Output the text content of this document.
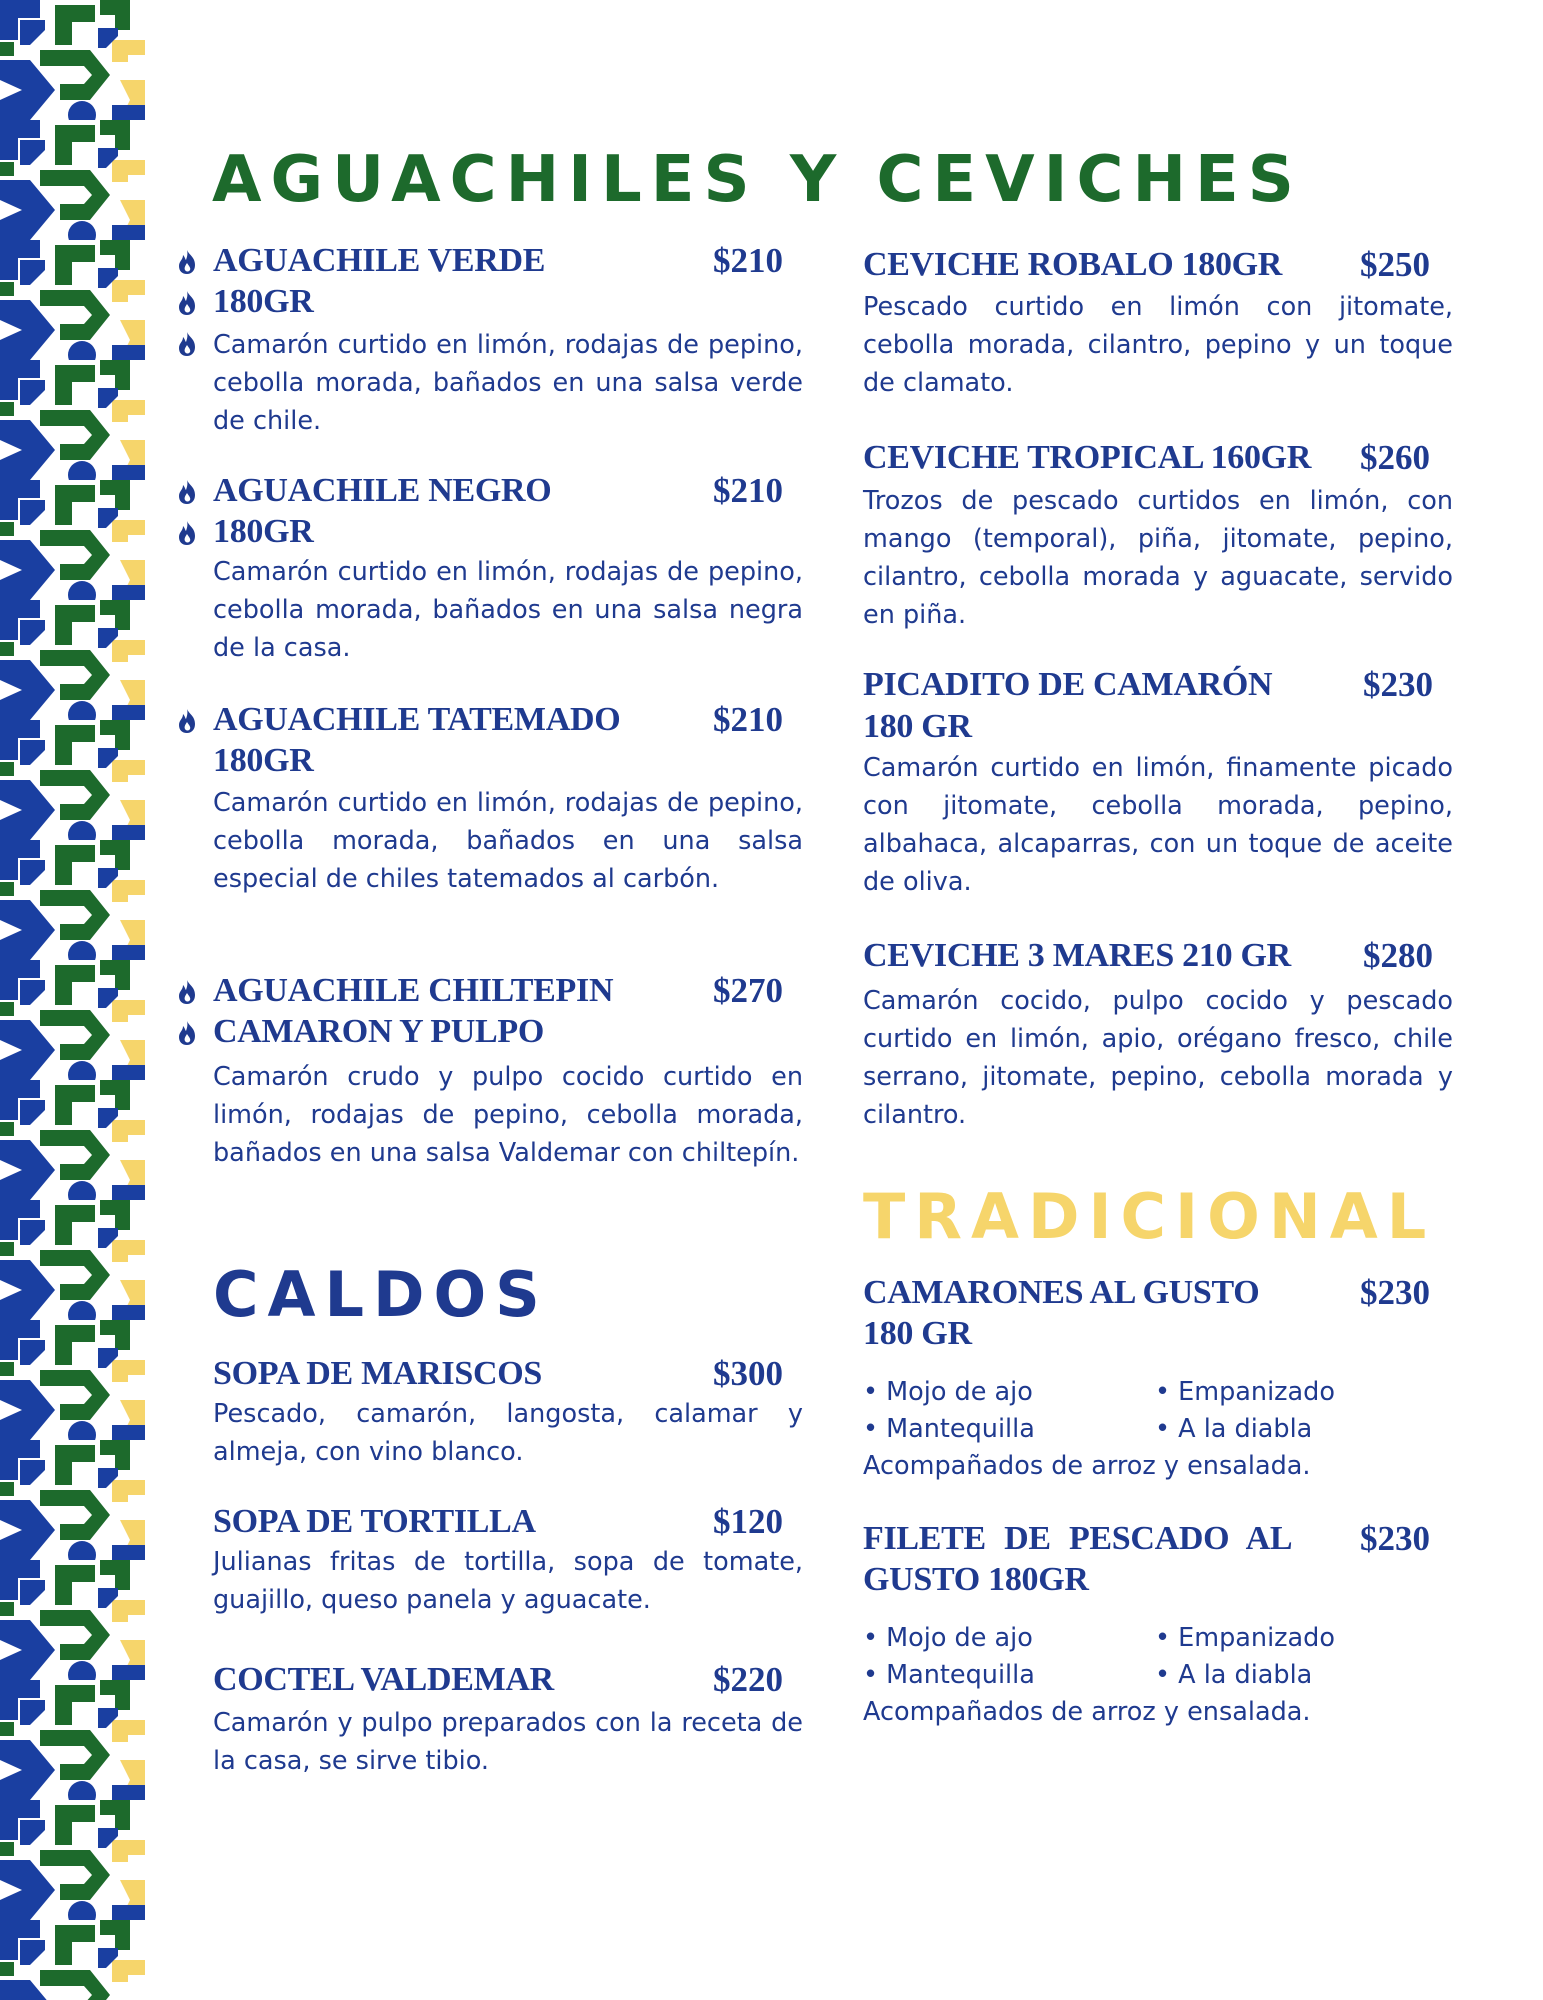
AGUACHILES Y CEVICHES
AGUACHILE VERDE
180GR
$210

Camarón curtido en limón, rodajas de pepino, cebolla morada, bañados en una salsa verde de chile.

AGUACHILE NEGRO
180GR
$210

Camarón curtido en limón, rodajas de pepino, cebolla morada, bañados en una salsa negra de la casa.

AGUACHILE TATEMADO
180GR
$210

Camarón curtido en limón, rodajas de pepino, cebolla morada, bañados en una salsa especial de chiles tatemados al carbón.

AGUACHILE CHILTEPIN
CAMARON Y PULPO
$270

Camarón crudo y pulpo cocido curtido en limón, rodajas de pepino, cebolla morada, bañados en una salsa Valdemar con chiltepín.

CEVICHE ROBALO 180GR $250

Pescado curtido en limón con jitomate, cebolla morada, cilantro, pepino y un toque de clamato.

CEVICHE TROPICAL 160GR $260

Trozos de pescado curtidos en limón, con mango (temporal), piña, jitomate, pepino, cilantro, cebolla morada y aguacate, servido en piña.

PICADITO DE CAMARÓN
180 GR
$230

Camarón curtido en limón, finamente picado con jitomate, cebolla morada, pepino, albahaca, alcaparras, con un toque de aceite de oliva.

CEVICHE 3 MARES 210 GR $280

Camarón cocido, pulpo cocido y pescado curtido en limón, apio, orégano fresco, chile serrano, jitomate, pepino, cebolla morada y cilantro.

CALDOS
SOPA DE MARISCOS	$300

Pescado, camarón, langosta, calamar y almeja, con vino blanco.

SOPA DE TORTILLA	$120

Julianas fritas de tortilla, sopa de tomate, guajillo, queso panela y aguacate.

COCTEL VALDEMAR	$220

Camarón y pulpo preparados con la receta de la casa, se sirve tibio.

TRADICIONAL
CAMARONES AL GUSTO
180 GR
$230
• Mojo de ajo	• Empanizado
• Mantequilla	• A la diabla
Acompañados de arroz y ensalada.
FILETE DE PESCADO AL
GUSTO 180GR
$230
• Mojo de ajo	• Empanizado
• Mantequilla	• A la diabla
Acompañados de arroz y ensalada.
